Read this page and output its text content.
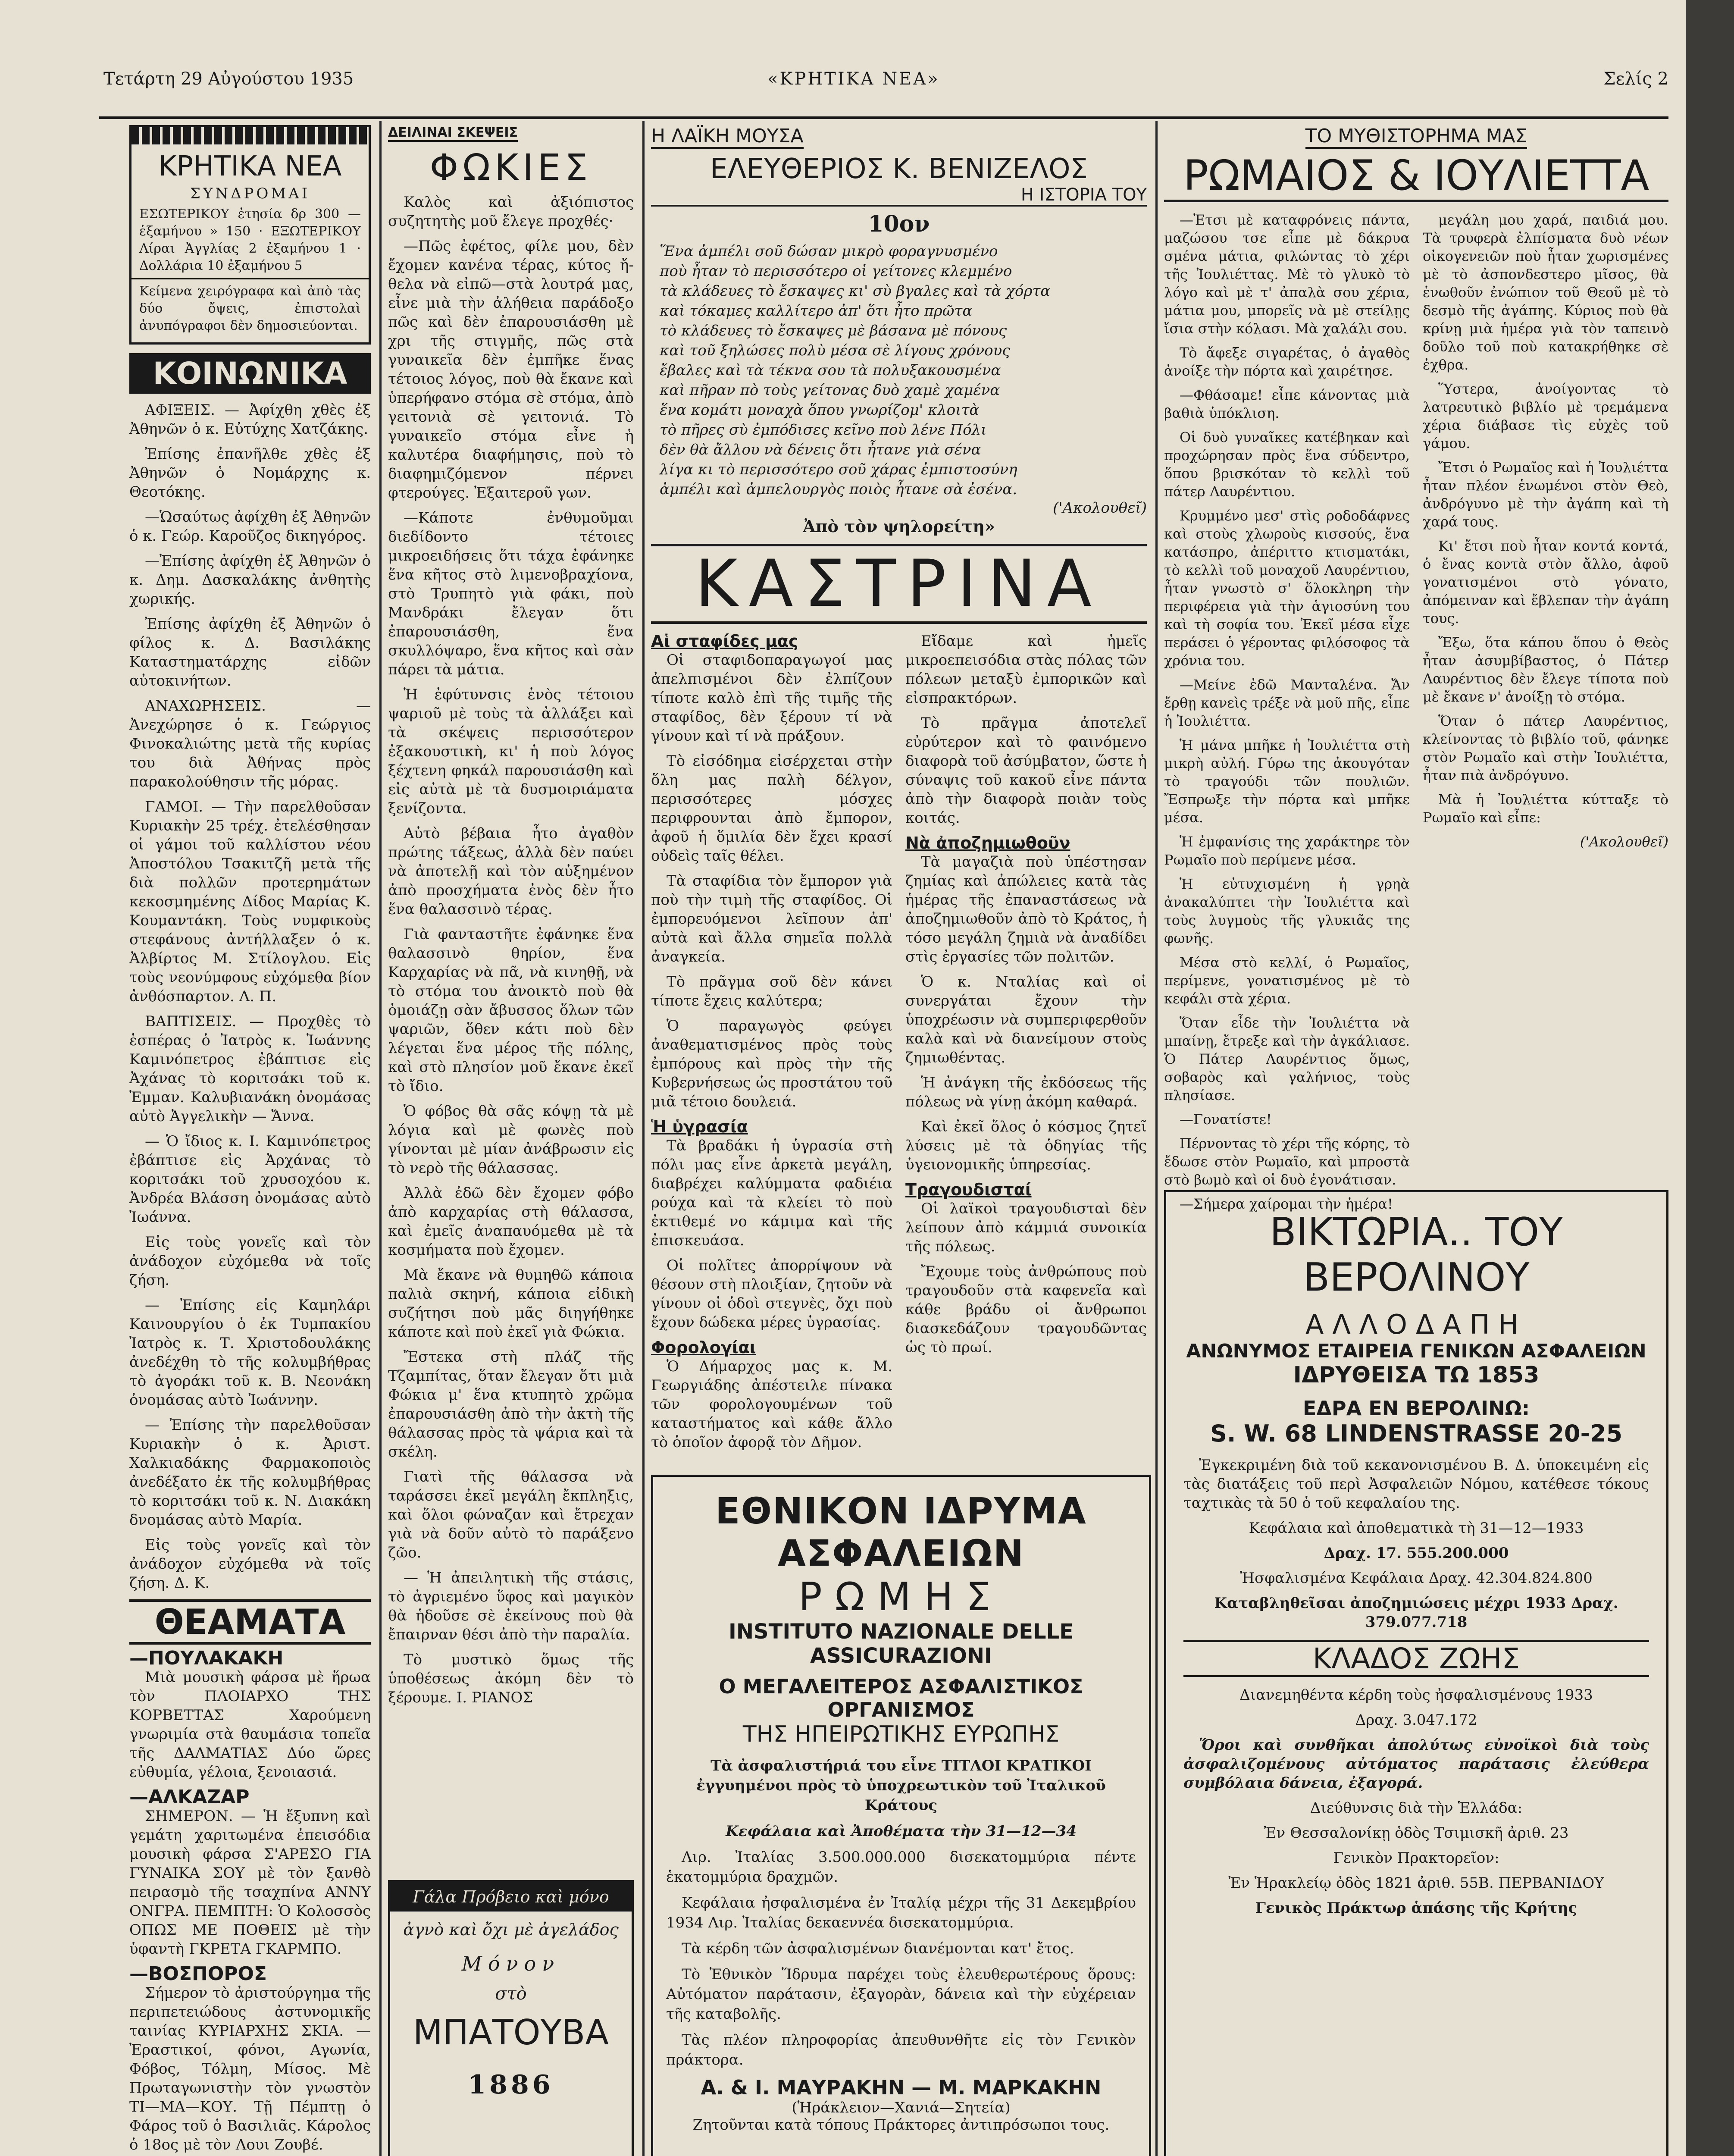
Τετάρτη 29 Αὐγούστου 1935	«ΚΡΗΤΙΚΑ ΝΕΑ»	Σελίς 2
ΚΡΗΤΙΚΑ ΝΕΑ
ΣΥΝΔΡΟΜΑΙ
ΕΣΩΤΕΡΙΚΟΥ ἐτησία δρ 300 — ἑξαμήνου » 150 · ΕΞΩΤΕΡΙΚΟΥ Λίραι Ἀγγλίας 2 ἐξαμήνου 1 · Δολλάρια 10 ἐξαμήνου 5
Κείμενα χειρόγραφα καὶ ἀπὸ τὰς δύο ὄψεις, ἐπιστολαὶ ἀνυπόγραφοι δὲν δημοσιεύονται.
ΚΟΙΝΩΝΙΚΑ

ΑΦΙΞΕΙΣ. — Ἀφίχθη χθὲς ἐξ Ἀθηνῶν ὁ κ. Εὐτύχης Χατζάκης.

Ἐπίσης ἐπανῆλθε χθὲς ἐξ Ἀθηνῶν ὁ Νομάρχης κ. Θεοτόκης.

—Ὡσαύτως ἀφίχθη ἐξ Ἀθηνῶν ὁ κ. Γεώρ. Καροῦζος δικηγόρος.

—Ἐπίσης ἀφίχθη ἐξ Ἀθηνῶν ὁ κ. Δημ. Δασκαλάκης ἀνθητὴς χωρικής.

Ἐπίσης ἀφίχθη ἐξ Ἀθηνῶν ὁ φίλος κ. Δ. Βασιλάκης Καταστηματάρχης εἰδῶν αὐτοκινήτων.

ΑΝΑΧΩΡΗΣΕΙΣ. — Ἀνεχώρησε ὁ κ. Γεώργιος Φινοκαλιώτης μετὰ τῆς κυρίας του διὰ Ἀθήνας πρὸς παρακολούθησιν τῆς μόρας.

ΓΑΜΟΙ. — Τὴν παρελθοῦσαν Κυριακὴν 25 τρέχ. ἐτελέσθησαν οἱ γάμοι τοῦ καλλίστου νέου Ἀποστόλου Τσακιτζῆ μετὰ τῆς διὰ πολλῶν προτερημάτων κεκοσμημένης Δίδος Μαρίας Κ. Κουμαντάκη. Τοὺς νυμφικοὺς στεφάνους ἀντήλλαξεν ὁ κ. Ἀλβίρτος Μ. Στίλογλου. Εἰς τοὺς νεονύμφους εὐχόμεθα βίον ἀνθόσπαρτον. Λ. Π.

ΒΑΠΤΙΣΕΙΣ. — Προχθὲς τὸ ἑσπέρας ὁ Ἰατρὸς κ. Ἰωάννης Καμινόπετρος ἐβάπτισε εἰς Ἀχάνας τὸ κοριτσάκι τοῦ κ. Ἐμμαν. Καλυβιανάκη ὀνομάσας αὐτὸ Ἀγγελικὴν — Ἄννα.

— Ὁ ἴδιος κ. Ι. Καμινόπετρος ἐβάπτισε εἰς Ἀρχάνας τὸ κοριτσάκι τοῦ χρυσοχόου κ. Ἀνδρέα Βλάσση ὀνομάσας αὐτὸ Ἰωάννα.

Εἰς τοὺς γονεῖς καὶ τὸν ἀνάδοχον εὐχόμεθα νὰ τοῖς ζήση.

— Ἐπίσης εἰς Καμηλάρι Καινουργίου ὁ ἐκ Τυμπακίου Ἰατρὸς κ. Τ. Χριστοδουλάκης ἀνεδέχθη τὸ τῆς κολυμβήθρας τὸ ἀγοράκι τοῦ κ. Β. Νεονάκη ὀνομάσας αὐτὸ Ἰωάννην.

— Ἐπίσης τὴν παρελθοῦσαν Κυριακὴν ὁ κ. Ἀριστ. Χαλκιαδάκης Φαρμακοποιὸς ἀνεδέξατο ἐκ τῆς κολυμβήθρας τὸ κοριτσάκι τοῦ κ. Ν. Διακάκη δνομάσας αὐτὸ Μαρία.

Εἰς τοὺς γονεῖς καὶ τὸν ἀνάδοχον εὐχόμεθα νὰ τοῖς ζήση. Δ. Κ.

ΘΕΑΜΑΤΑ
—ΠΟΥΛΑΚΑΚΗ

Μιὰ μουσικὴ φάρσα μὲ ἥρωα τὸν ΠΛΟΙΑΡΧΟ ΤΗΣ ΚΟΡΒΕΤΤΑΣ Χαρούμενη γνωριμία στὰ θαυμάσια τοπεῖα τῆς ΔΑΛΜΑΤΙΑΣ Δύο ὥρες εὐθυμία, γέλοια, ξενοιασιά.

—ΑΛΚΑΖΑΡ

ΣΗΜΕΡΟΝ. — Ἡ ἔξυπνη καὶ γεμάτη χαριτωμένα ἐπεισόδια μουσικὴ φάρσα Σ'ΑΡΕΣΟ ΓΙΑ ΓΥΝΑΙΚΑ ΣΟΥ μὲ τὸν ξανθὸ πειρασμὸ τῆς τσαχπίνα ΑΝΝΥ ΟΝΓΡΑ. ΠΕΜΠΤΗ: Ὁ Κολοσσὸς ΟΠΩΣ ΜΕ ΠΟΘΕΙΣ μὲ τὴν ὑφαντὴ ΓΚΡΕΤΑ ΓΚΑΡΜΠΟ.

—ΒΟΣΠΟΡΟΣ

Σήμερον τὸ ἀριστούργημα τῆς περιπετειώδους ἀστυνομικῆς ταινίας ΚΥΡΙΑΡΧΗΣ ΣΚΙΑ. — Ἐραστικοί, φόνοι, Αγωνία, Φόβος, Τόλμη, Μίσος. Μὲ Πρωταγωνιστὴν τὸν γνωστὸν ΤΙ—ΜΑ—ΚΟΥ. Τῇ Πέμπτῃ ὁ Φάρος τοῦ ὁ Βασιλιᾶς. Κάρολος ὁ 18ος μὲ τὸν Λουι Ζουβέ.

ΔΕΙΛΙΝΑΙ ΣΚΕΨΕΙΣ
ΦΩΚΙΕΣ

Καλὸς καὶ ἀξιόπιστος συζητητὴς μοῦ ἔλεγε προχθές·

—Πῶς ἐφέτος, φίλε μου, δὲν ἔχομεν κανένα τέρας, κύτος ἤ-θελα νὰ εἰπῶ—στὰ λουτρά μας, εἶνε μιὰ τὴν ἀλήθεια παράδοξο πῶς καὶ δὲν ἐπαρουσιάσθη μὲ χρι τῆς στιγμῆς, πῶς στὰ γυναικεῖα δὲν ἐμπῆκε ἕνας τέτοιος λόγος, ποὺ θὰ ἔκανε καὶ ὑπερήφανο στόμα σὲ στόμα, ἀπὸ γειτονιὰ σὲ γειτονιά. Τὸ γυναικεῖο στόμα εἶνε ἡ καλυτέρα διαφήμησις, ποὺ τὸ διαφημιζόμενον πέρνει φτερούγες. Ἐξαιτεροῦ γων.

—Κάποτε ἐνθυμοῦμαι διεδίδοντο τέτοιες μικροειδήσεις ὅτι τάχα ἐφάνηκε ἕνα κῆτος στὸ λιμενοβραχίονα, στὸ Τρυπητὸ γιὰ φάκι, ποὺ Μανδράκι ἔλεγαν ὅτι ἐπαρουσιάσθη, ἕνα σκυλλόψαρο, ἕνα κῆτος καὶ σὰν πάρει τὰ μάτια.

Ἡ ἐφύτυνσις ἑνὸς τέτοιου ψαριοῦ μὲ τοὺς τὰ ἀλλάξει καὶ τὰ σκέψεις περισσότερον ἐξακουστικὴ, κι' ἡ ποὺ λόγος ξέχτενη φηκάλ παρουσιάσθη καὶ εἰς αὐτὰ μὲ τὰ δυσμοιριάματα ξενίζοντα.

Αὐτὸ βέβαια ἦτο ἀγαθὸν πρώτης τάξεως, ἀλλὰ δὲν παύει νὰ ἀποτελῇ καὶ τὸν αὐξημένον ἀπὸ προσχήματα ἐνὸς δὲν ἦτο ἕνα θαλασσινὸ τέρας.

Γιὰ φανταστῆτε ἐφάνηκε ἕνα θαλασσινὸ θηρίον, ἕνα Καρχαρίας νὰ πᾶ, νὰ κινηθῇ, νὰ τὸ στόμα του ἀνοικτὸ ποὺ θὰ ὁμοιάζῃ σὰν ἄβυσσος ὅλων τῶν ψαριῶν, ὅθεν κάτι ποὺ δὲν λέγεται ἕνα μέρος τῆς πόλης, καὶ στὸ πλησίον μοῦ ἔκανε ἐκεῖ τὸ ἴδιο.

Ὁ φόβος θὰ σᾶς κόψῃ τὰ μὲ λόγια καὶ μὲ φωνὲς ποὺ γίνονται μὲ μίαν ἀνάβρωσιν εἰς τὸ νερὸ τῆς θάλασσας.

Ἀλλὰ ἐδῶ δὲν ἔχομεν φόβο ἀπὸ καρχαρίας στὴ θάλασσα, καὶ ἐμεῖς ἀναπαυόμεθα μὲ τὰ κοσμήματα ποὺ ἔχομεν.

Μὰ ἔκανε νὰ θυμηθῶ κάποια παλιὰ σκηνή, κάποια εἰδικὴ συζήτησι ποὺ μᾶς διηγήθηκε κάποτε καὶ ποὺ ἐκεῖ γιὰ Φώκια.

Ἔστεκα στὴ πλάζ τῆς Τζαμπίτας, ὅταν ἔλεγαν ὅτι μιὰ Φώκια μ' ἕνα κτυπητὸ χρῶμα ἐπαρουσιάσθη ἀπὸ τὴν ἀκτὴ τῆς θάλασσας πρὸς τὰ ψάρια καὶ τὰ σκέλη.

Γιατὶ τῆς θάλασσα νὰ ταράσσει ἐκεῖ μεγάλη ἔκπληξις, καὶ ὅλοι φώναζαν καὶ ἔτρεχαν γιὰ νὰ δοῦν αὐτὸ τὸ παράξενο ζῶο.

— Ἡ ἀπειλητικὴ τῆς στάσις, τὸ ἀγριεμένο ὕφος καὶ μαγικὸν θὰ ἡδοῦσε σὲ ἐκείνους ποὺ θὰ ἔπαιρναν θέσι ἀπὸ τὴν παραλία.

Τὸ μυστικὸ ὅμως τῆς ὑποθέσεως ἀκόμη δὲν τὸ ξέρουμε. Ι. ΡΙΑΝΟΣ

Γάλα Πρόβειο καὶ μόνο
ἀγνὸ καὶ ὄχι μὲ ἀγελάδος
Μόνον
στὸ
ΜΠΑΤΟΥΒΑ
1886
Η ΛΑΪΚΗ ΜΟΥΣΑ
ΕΛΕΥΘΕΡΙΟΣ Κ. ΒΕΝΙΖΕΛΟΣ
Η ΙΣΤΟΡΙΑ ΤΟΥ
10ον
Ἕνα ἀμπέλι σοῦ δώσαν μικρὸ φοραγνυσμένο
ποὺ ἦταν τὸ περισσότερο οἱ γείτονες κλεμμένο
τὰ κλάδευες τὸ ἔσκαψες κι' σὺ βγαλες καὶ τὰ χόρτα
καὶ τόκαμες καλλίτερο ἀπ' ὅτι ἦτο πρῶτα
τὸ κλάδευες τὸ ἔσκαψες μὲ βάσανα μὲ πόνους
καὶ τοῦ ξηλώσες πολὺ μέσα σὲ λίγους χρόνους
ἔβαλες καὶ τὰ τέκνα σου τὰ πολυξακουσμένα
καὶ πῆραν πὸ τοὺς γείτονας δυὸ χαμὲ χαμένα
ἕνα κομάτι μοναχὰ ὅπου γνωρίζομ' κλοιτὰ
τὸ πῆρες σὺ ἐμπόδισες κεῖνο ποὺ λένε Πόλι
δὲν θὰ ἄλλου νὰ δένεις ὅτι ἦτανε γιὰ σένα
λίγα κι τὸ περισσότερο σοῦ χάρας ἐμπιστοσύνη
ἀμπέλι καὶ ἀμπελουργὸς ποιὸς ἦτανε σὰ ἐσένα.
('Ακολουθεῖ)
Ἀπὸ τὸν ψηλορείτη»
ΚΑΣΤΡΙΝΑ
Αἱ σταφίδες μας

Οἱ σταφιδοπαραγωγοί μας ἀπελπισμένοι δὲν ἐλπίζουν τίποτε καλὸ ἐπὶ τῆς τιμῆς τῆς σταφίδος, δὲν ξέρουν τί νὰ γίνουν καὶ τί νὰ πράξουν.

Τὸ εἰσόδημα εἰσέρχεται στὴν ὅλη μας παλὴ δέλγον, περισσότερες μόσχες περιφρουνται ἀπὸ ἔμπορον, ἀφοῦ ἡ ὅμιλία δὲν ἔχει κρασί οὐδεὶς ταῖς θέλει.

Τὰ σταφίδια τὸν ἔμπορον γιὰ ποὺ τὴν τιμὴ τῆς σταφίδος. Οἱ ἐμπορευόμενοι λεῖπουν ἀπ' αὐτὰ καὶ ἄλλα σημεῖα πολλὰ ἀναγκεία.

Τὸ πρᾶγμα σοῦ δὲν κάνει τίποτε ἔχεις καλύτερα;

Ὁ παραγωγὸς φεύγει ἀναθεματισμένος πρὸς τοὺς ἐμπόρους καὶ πρὸς τὴν τῆς Κυβερνήσεως ὡς προστάτου τοῦ μιᾶ τέτοιο δουλειά.

Ἡ ὑγρασία

Τὰ βραδάκι ἡ ὑγρασία στὴ πόλι μας εἶνε ἀρκετὰ μεγάλη, διαβρέχει καλύμματα φαδιέια ρούχα καὶ τὰ κλείει τὸ ποὺ ἐκτιθεμέ νο κάμιμα καὶ τῆς ἐπισκευάσα.

Οἱ πολῖτες ἀπορρίψουν νὰ θέσουν στὴ πλοιξίαν, ζητοῦν νὰ γίνουν οἱ ὁδοὶ στεγνὲς, ὄχι ποὺ ἔχουν δώδεκα μέρες ὑγρασίας.

Φορολογίαι

Ὁ Δήμαρχος μας κ. Μ. Γεωργιάδης ἀπέστειλε πίνακα τῶν φορολογουμένων τοῦ καταστήματος καὶ κάθε ἄλλο τὸ ὁποῖον ἀφορᾷ τὸν Δῆμον.

Εἴδαμε καὶ ἡμεῖς μικροεπεισόδια στὰς πόλας τῶν πόλεων μεταξὺ ἐμπορικῶν καὶ εἰσπρακτόρων.

Τὸ πρᾶγμα ἀποτελεῖ εὐρύτερον καὶ τὸ φαινόμενο διαφορὰ τοῦ ἀσύμβατον, ὥστε ἡ σύναψις τοῦ κακοῦ εἶνε πάντα ἀπὸ τὴν διαφορὰ ποιὰν τοὺς κοιτάς.

Νὰ ἀποζημιωθοῦν

Τὰ μαγαζιὰ ποὺ ὑπέστησαν ζημίας καὶ ἀπώλειες κατὰ τὰς ἡμέρας τῆς ἐπαναστάσεως νὰ ἀποζημιωθοῦν ἀπὸ τὸ Κράτος, ἡ τόσο μεγάλη ζημιὰ νὰ ἀναδίδει στὶς ἐργασίες τῶν πολιτῶν.

Ὁ κ. Νταλίας καὶ οἱ συνεργάται ἔχουν τὴν ὑποχρέωσιν νὰ συμπεριφερθοῦν καλὰ καὶ νὰ διανείμουν στοὺς ζημιωθέντας.

Ἡ ἀνάγκη τῆς ἐκδόσεως τῆς πόλεως νὰ γίνῃ ἀκόμη καθαρά.

Καὶ ἐκεῖ ὅλος ὁ κόσμος ζητεῖ λύσεις μὲ τὰ ὁδηγίας τῆς ὑγειονομικῆς ὑπηρεσίας.

Τραγουδισταί

Οἱ λαϊκοὶ τραγουδισταὶ δὲν λείπουν ἀπὸ κάμμιά συνοικία τῆς πόλεως.

Ἔχουμε τοὺς ἀνθρώπους ποὺ τραγουδοῦν στὰ καφενεῖα καὶ κάθε βράδυ οἱ ἄνθρωποι διασκεδάζουν τραγουδῶντας ὡς τὸ πρωί.

ΕΘΝΙΚΟΝ ΙΔΡΥΜΑ ΑΣΦΑΛΕΙΩΝ
ΡΩΜΗΣ
INSTITUTO NAZIONALE DELLE ASSICURAZIONI
Ο ΜΕΓΑΛΕΙΤΕΡΟΣ ΑΣΦΑΛΙΣΤΙΚΟΣ ΟΡΓΑΝΙΣΜΟΣ
ΤΗΣ ΗΠΕΙΡΩΤΙΚΗΣ ΕΥΡΩΠΗΣ

Τὰ ἀσφαλιστήριά του εἶνε ΤΙΤΛΟΙ ΚΡΑΤΙΚΟΙ ἐγγυημένοι πρὸς τὸ ὑποχρεωτικὸν τοῦ Ἰταλικοῦ Κράτους

Κεφάλαια καὶ Ἀποθέματα τὴν 31—12—34

Λιρ. Ἰταλίας 3.500.000.000 δισεκατομμύρια πέντε ἑκατομμύρια δραχμῶν.

Κεφάλαια ἠσφαλισμένα ἐν Ἰταλίᾳ μέχρι τῆς 31 Δεκεμβρίου 1934 Λιρ. Ἰταλίας δεκαεννέα δισεκατομμύρια.

Τὰ κέρδη τῶν ἀσφαλισμένων διανέμονται κατ' ἔτος.

Τὸ Ἐθνικὸν Ἵδρυμα παρέχει τοὺς ἐλευθερωτέρους ὅρους: Αὐτόματον παράτασιν, ἐξαγορὰν, δάνεια καὶ τὴν εὐχέρειαν τῆς καταβολῆς.

Τὰς πλέον πληροφορίας ἀπευθυνθῆτε εἰς τὸν Γενικὸν πράκτορα.

Α. & Ι. ΜΑΥΡΑΚΗΝ — Μ. ΜΑΡΚΑΚΗΝ
(Ἡράκλειον—Χανιά—Σητεία)
Ζητοῦνται κατὰ τόπους Πράκτορες ἀντιπρόσωποι τους.
ΤΟ ΜΥΘΙΣΤΟΡΗΜΑ ΜΑΣ
ΡΩΜΑΙΟΣ & ΙΟΥΛΙΕΤΤΑ

—Ἐτσι μὲ καταφρόνεις πάντα, μαζώσου τσε εἶπε μὲ δάκρυα σμένα μάτια, φιλώντας τὸ χέρι τῆς Ἰουλιέττας. Μὲ τὸ γλυκὸ τὸ λόγο καὶ μὲ τ' ἀπαλὰ σου χέρια, μάτια μου, μπορεῖς νὰ μὲ στείλῃς ἴσια στὴν κόλασι. Μὰ χαλάλι σου.

Τὸ ἄφεξε σιγαρέτας, ὁ ἀγαθὸς ἀνοίξε τὴν πόρτα καὶ χαιρέτησε.

—Φθάσαμε! εἶπε κάνοντας μιὰ βαθιὰ ὑπόκλιση.

Οἱ δυὸ γυναῖκες κατέβηκαν καὶ προχώρησαν πρὸς ἕνα σύδεντρο, ὅπου βρισκόταν τὸ κελλὶ τοῦ πάτερ Λαυρέντιου.

Κρυμμένο μεσ' στὶς ροδοδάφνες καὶ στοὺς χλωροὺς κισσούς, ἕνα κατάσπρο, ἀπέριττο κτισματάκι, τὸ κελλὶ τοῦ μοναχοῦ Λαυρέντιου, ἦταν γνωστὸ σ' ὅλοκληρη τὴν περιφέρεια γιὰ τὴν ἁγιοσύνη του καὶ τὴ σοφία του. Ἐκεῖ μέσα εἶχε περάσει ὁ γέροντας φιλόσοφος τὰ χρόνια του.

—Μείνε ἐδῶ Μανταλένα. Ἄν ἔρθῃ κανεὶς τρέξε νὰ μοῦ πῆς, εἶπε ἡ Ἰουλιέττα.

Ἡ μάνα μπῆκε ἡ Ἰουλιέττα στὴ μικρὴ αὐλή. Γύρω της ἀκουγόταν τὸ τραγούδι τῶν πουλιῶν. Ἔσπρωξε τὴν πόρτα καὶ μπῆκε μέσα.

Ἡ ἐμφανίσις της χαράκτηρε τὸν Ρωμαῖο ποὺ περίμενε μέσα.

Ἡ εὐτυχισμένη ἡ γρηὰ ἀνακαλύπτει τὴν Ἰουλιέττα καὶ τοὺς λυγμοὺς τῆς γλυκιᾶς της φωνῆς.

Μέσα στὸ κελλί, ὁ Ρωμαῖος, περίμενε, γονατισμένος μὲ τὸ κεφάλι στὰ χέρια.

Ὅταν εἶδε τὴν Ἰουλιέττα νὰ μπαίνῃ, ἔτρεξε καὶ τὴν ἀγκάλιασε. Ὁ Πάτερ Λαυρέντιος ὅμως, σοβαρὸς καὶ γαλήνιος, τοὺς πλησίασε.

—Γονατίστε!

Πέρνοντας τὸ χέρι τῆς κόρης, τὸ ἔδωσε στὸν Ρωμαῖο, καὶ μπροστὰ στὸ βωμὸ καὶ οἱ δυὸ ἐγονάτισαν.

—Σήμερα χαίρομαι τὴν ἡμέρα!

μεγάλη μου χαρά, παιδιά μου. Τὰ τρυφερὰ ἐλπίσματα δυὸ νέων οἰκογενειῶν ποὺ ἦταν χωρισμένες μὲ τὸ ἀσπονδεστερο μῖσος, θὰ ἑνωθοῦν ἐνώπιον τοῦ Θεοῦ μὲ τὸ δεσμὸ τῆς ἀγάπης. Κύριος ποὺ θὰ κρίνῃ μιὰ ἡμέρα γιὰ τὸν ταπεινὸ δοῦλο τοῦ ποὺ κατακρήθηκε σὲ ἐχθρα.

Ὕστερα, ἀνοίγοντας τὸ λατρευτικὸ βιβλίο μὲ τρεμάμενα χέρια διάβασε τὶς εὐχὲς τοῦ γάμου.

Ἔτσι ὁ Ρωμαῖος καὶ ἡ Ἰουλιέττα ἦταν πλέον ἑνωμένοι στὸν Θεὸ, ἀνδρόγυνο μὲ τὴν ἀγάπη καὶ τὴ χαρά τους.

Κι' ἔτσι ποὺ ἦταν κοντά κοντά, ὁ ἔνας κοντὰ στὸν ἄλλο, ἀφοῦ γονατισμένοι στὸ γόνατο, ἀπόμειναν καὶ ἔβλεπαν τὴν ἀγάπη τους.

Ἔξω, ὅτα κάπου ὅπου ὁ Θεὸς ἦταν ἀσυμβίβαστος, ὁ Πάτερ Λαυρέντιος δὲν ἔλεγε τίποτα ποὺ μὲ ἔκανε ν' ἀνοίξῃ τὸ στόμα.

Ὅταν ὁ πάτερ Λαυρέντιος, κλείνοντας τὸ βιβλίο τοῦ, φάνηκε στὸν Ρωμαῖο καὶ στὴν Ἰουλιέττα, ἦταν πιὰ ἀνδρόγυνο.

Μὰ ἡ Ἰουλιέττα κύτταξε τὸ Ρωμαῖο καὶ εἶπε:

('Ακολουθεῖ)
ΒΙΚΤΩΡΙΑ.. ΤΟΥ ΒΕΡΟΛΙΝΟΥ
ΑΛΛΟΔΑΠΗ
ΑΝΩΝΥΜΟΣ ΕΤΑΙΡΕΙΑ ΓΕΝΙΚΩΝ ΑΣΦΑΛΕΙΩΝ
ΙΔΡΥΘΕΙΣΑ ΤΩ 1853
ΕΔΡΑ ΕΝ ΒΕΡΟΛΙΝΩ:
S. W. 68 LINDENSTRASSE 20-25

Ἐγκεκριμένη διὰ τοῦ κεκανονισμένου Β. Δ. ὑποκειμένη εἰς τὰς διατάξεις τοῦ περὶ Ἀσφαλειῶν Νόμου, κατέθεσε τόκους ταχτικὰς τὰ 50 ὁ τοῦ κεφαλαίου της.

Κεφάλαια καὶ ἀποθεματικὰ τὴ 31—12—1933

Δραχ. 17. 555.200.000

Ἠσφαλισμένα Κεφάλαια Δραχ. 42.304.824.800

Καταβληθεῖσαι ἀποζημιώσεις μέχρι 1933 Δραχ. 379.077.718

ΚΛΑΔΟΣ ΖΩΗΣ

Διανεμηθέντα κέρδη τοὺς ἠσφαλισμένους 1933

Δραχ. 3.047.172

Ὅροι καὶ συνθῆκαι ἀπολύτως εὐνοϊκοὶ διὰ τοὺς ἀσφαλιζομένους αὐτόματος παράτασις ἐλεύθερα συμβόλαια δάνεια, ἐξαγορά.

Διεύθυνσις διὰ τὴν Ἑλλάδα:

Ἐν Θεσσαλονίκῃ ὁδὸς Τσιμισκῆ ἀριθ. 23

Γενικὸν Πρακτορεῖον:

Ἐν Ἡρακλείῳ ὁδὸς 1821 ἀριθ. 55Β. ΠΕΡΒΑΝΙΔΟΥ

Γενικὸς Πράκτωρ ἁπάσης τῆς Κρήτης
